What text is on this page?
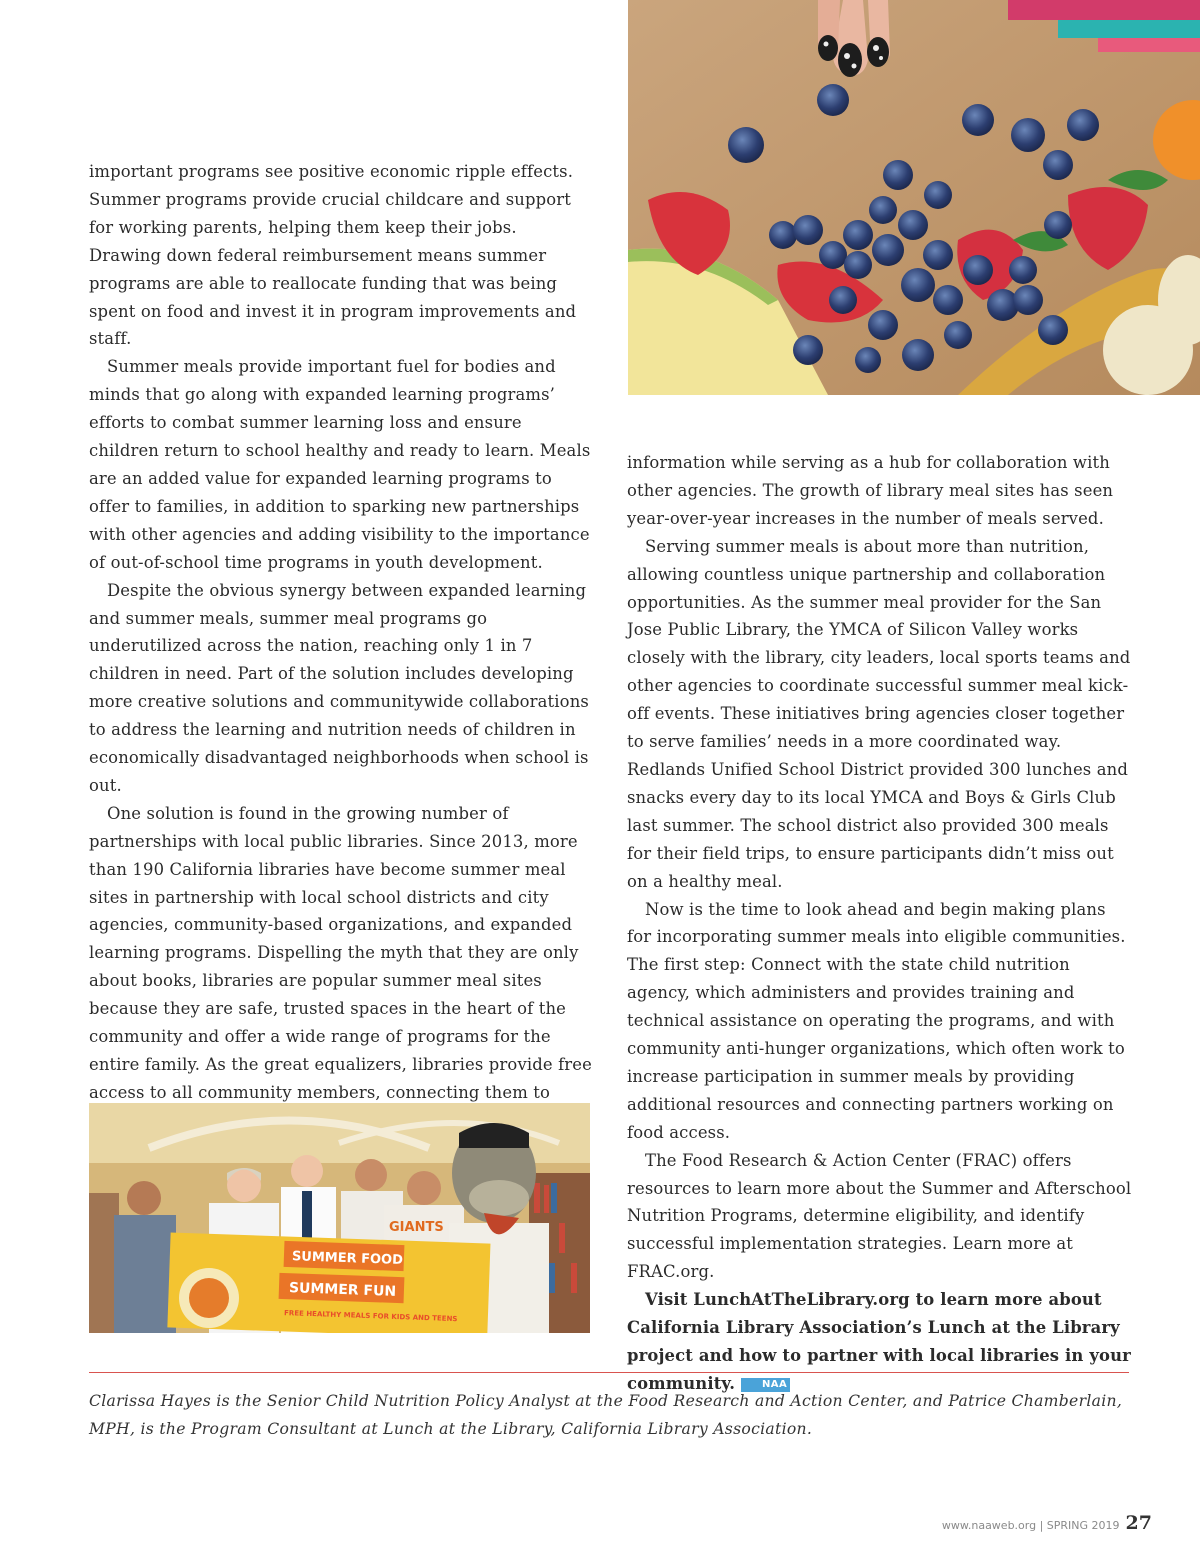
important programs see positive economic ripple effects. Summer programs provide crucial childcare and support for working parents, helping them keep their jobs. Drawing down federal reimbursement means summer programs are able to reallocate funding that was being spent on food and invest it in program improvements and staff.

Summer meals provide important fuel for bodies and minds that go along with expanded learning programs’ efforts to combat summer learning loss and ensure children return to school healthy and ready to learn. Meals are an added value for expanded learning programs to offer to families, in addition to sparking new partnerships with other agencies and adding visibility to the importance of out-of-school time programs in youth development.

Despite the obvious synergy between expanded learning and summer meals, summer meal programs go underutilized across the nation, reaching only 1 in 7 children in need. Part of the solution includes developing more creative solutions and communitywide collaborations to address the learning and nutrition needs of children in economically disadvantaged neighborhoods when school is out.

One solution is found in the growing number of partnerships with local public libraries. Since 2013, more than 190 California libraries have become summer meal sites in partnership with local school districts and city agencies, community-based organizations, and expanded learning programs. Dispelling the myth that they are only about books, libraries are popular summer meal sites because they are safe, trusted spaces in the heart of the community and offer a wide range of programs for the entire family. As the great equalizers, libraries provide free access to all community members, connecting them to

information while serving as a hub for collaboration with other agencies. The growth of library meal sites has seen year-over-year increases in the number of meals served.

Serving summer meals is about more than nutrition, allowing countless unique partnership and collaboration opportunities. As the summer meal provider for the San Jose Public Library, the YMCA of Silicon Valley works closely with the library, city leaders, local sports teams and other agencies to coordinate successful summer meal kick-off events. These initiatives bring agencies closer together to serve families’ needs in a more coordinated way. Redlands Unified School District provided 300 lunches and snacks every day to its local YMCA and Boys & Girls Club last summer. The school district also provided 300 meals for their field trips, to ensure participants didn’t miss out on a healthy meal.

Now is the time to look ahead and begin making plans for incorporating summer meals into eligible communities. The first step: Connect with the state child nutrition agency, which administers and provides training and technical assistance on operating the programs, and with community anti-hunger organizations, which often work to increase participation in summer meals by providing additional resources and connecting partners working on food access.

The Food Research & Action Center (FRAC) offers resources to learn more about the Summer and Afterschool Nutrition Programs, determine eligibility, and identify successful implementation strategies. Learn more at FRAC.org.

Visit LunchAtTheLibrary.org to learn more about California Library Association’s Lunch at the Library project and how to partner with local libraries in your community.	NAA

GIANTS
SUMMER FOOD
SUMMER FUN
FREE HEALTHY MEALS FOR KIDS AND TEENS
Clarissa Hayes is the Senior Child Nutrition Policy Analyst at the Food Research and Action Center, and Patrice Chamberlain, MPH, is the Program Consultant at Lunch at the Library, California Library Association.
www.naaweb.org | SPRING 2019 27
